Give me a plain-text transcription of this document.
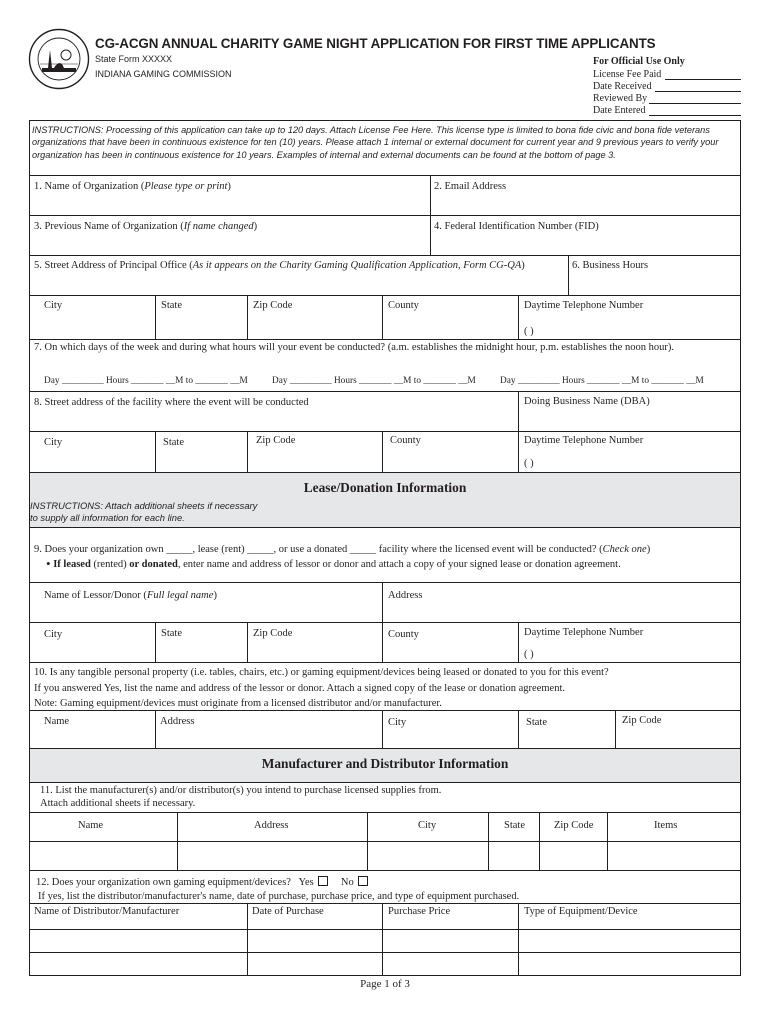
CG-ACGN ANNUAL CHARITY GAME NIGHT APPLICATION FOR FIRST TIME APPLICANTS
State Form XXXXX
INDIANA GAMING COMMISSION
For Official Use Only
License Fee Paid
Date Received
Reviewed By
Date Entered
INSTRUCTIONS: Processing of this application can take up to 120 days. Attach License Fee Here. This license type is limited to bona fide civic and bona fide veterans organizations that have been in continuous existence for ten (10) years. Please attach 1 internal or external document for current year and 9 previous years to verify your organization has been in continuous existence for 10 years. Examples of internal and external documents can be found at the bottom of page 3.
1. Name of Organization (Please type or print)	2. Email Address
3. Previous Name of Organization (If name changed)	4. Federal Identification Number (FID)
5. Street Address of Principal Office (As it appears on the Charity Gaming Qualification Application, Form CG-QA)	6. Business Hours
City	State	Zip Code	County	Daytime Telephone Number
( )
7. On which days of the week and during what hours will your event be conducted? (a.m. establishes the midnight hour, p.m. establishes the noon hour).
Day _________ Hours _______ __M to _______ __M	Day _________ Hours _______ __M to _______ __M	Day _________ Hours _______ __M to _______ __M
8. Street address of the facility where the event will be conducted	Doing Business Name (DBA)
City	State	Zip Code	County	Daytime Telephone Number
( )
Lease/Donation Information
INSTRUCTIONS: Attach additional sheets if necessary to supply all information for each line.
9. Does your organization own _____, lease (rent) _____, or use a donated _____ facility where the licensed event will be conducted? (Check one)
• If leased (rented) or donated, enter name and address of lessor or donor and attach a copy of your signed lease or donation agreement.
Name of Lessor/Donor (Full legal name)	Address
City	State	Zip Code	County	Daytime Telephone Number
( )
10. Is any tangible personal property (i.e. tables, chairs, etc.) or gaming equipment/devices being leased or donated to you for this event?
If you answered Yes, list the name and address of the lessor or donor. Attach a signed copy of the lease or donation agreement.
Note: Gaming equipment/devices must originate from a licensed distributor and/or manufacturer.
Name	Address	City	State	Zip Code
Manufacturer and Distributor Information
11. List the manufacturer(s) and/or distributor(s) you intend to purchase licensed supplies from.
Attach additional sheets if necessary.
Name	Address	City	State	Zip Code	Items
12. Does your organization own gaming equipment/devices? Yes	No
If yes, list the distributor/manufacturer's name, date of purchase, purchase price, and type of equipment purchased.
Name of Distributor/Manufacturer	Date of Purchase	Purchase Price	Type of Equipment/Device
Page 1 of 3
